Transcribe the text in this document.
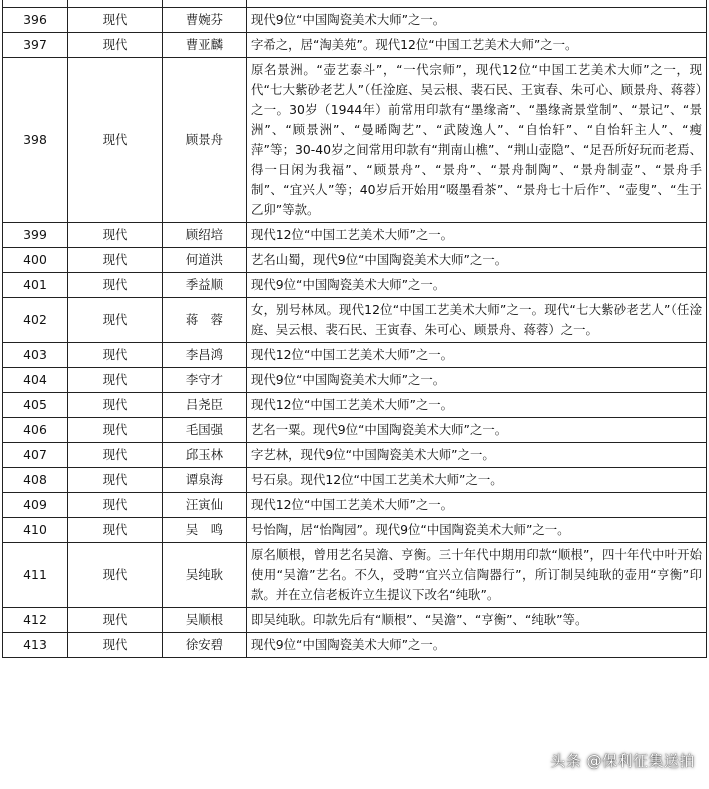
396	现代	曹婉芬	现代9位“中国陶瓷美术大师”之一。
397	现代	曹亚麟	字希之，居“淘美苑”。现代12位“中国工艺美术大师”之一。
398	现代	顾景舟	原名景洲。“壶艺泰斗”，“一代宗师”，现代12位“中国工艺美术大师”之一，现代“七大紫砂老艺人”（任淦庭、吴云根、裴石民、王寅春、朱可心、顾景舟、蒋蓉）之一。30岁（1944年）前常用印款有“墨缘斋”、“墨缘斋景堂制”、“景记”、“景洲”、“顾景洲”、“曼晞陶艺”、“武陵逸人”、“自怡轩”、“自怡轩主人”、“瘦萍”等；30-40岁之间常用印款有“荆南山樵”、“荆山壶隐”、“足吾所好玩而老焉、得一日闲为我福”、“顾景舟”、“景舟”、“景舟制陶”、“景舟制壶”、“景舟手制”、“宜兴人”等；40岁后开始用“啜墨看茶”、“景舟七十后作”、“壶叟”、“生于乙卯”等款。
399	现代	顾绍培	现代12位“中国工艺美术大师”之一。
400	现代	何道洪	艺名山蜀，现代9位“中国陶瓷美术大师”之一。
401	现代	季益顺	现代9位“中国陶瓷美术大师”之一。
402	现代	蒋　蓉	女，别号林凤。现代12位“中国工艺美术大师”之一。现代“七大紫砂老艺人”（任淦庭、吴云根、裴石民、王寅春、朱可心、顾景舟、蒋蓉）之一。
403	现代	李昌鸿	现代12位“中国工艺美术大师”之一。
404	现代	李守才	现代9位“中国陶瓷美术大师”之一。
405	现代	吕尧臣	现代12位“中国工艺美术大师”之一。
406	现代	毛国强	艺名一粟。现代9位“中国陶瓷美术大师”之一。
407	现代	邱玉林	字艺林，现代9位“中国陶瓷美术大师”之一。
408	现代	谭泉海	号石泉。现代12位“中国工艺美术大师”之一。
409	现代	汪寅仙	现代12位“中国工艺美术大师”之一。
410	现代	吴　鸣	号怡陶，居“怡陶园”。现代9位“中国陶瓷美术大师”之一。
411	现代	吴纯耿	原名顺根，曾用艺名吴澹、亨衡。三十年代中期用印款“顺根”，四十年代中叶开始使用“吴澹”艺名。不久，受聘“宜兴立信陶器行”，所订制吴纯耿的壶用“亨衡”印款。并在立信老板许立生提议下改名“纯耿”。
412	现代	吴顺根	即吴纯耿。印款先后有“顺根”、“吴澹”、“亨衡”、“纯耿”等。
413	现代	徐安碧	现代9位“中国陶瓷美术大师”之一。
头条 @保利征集送拍
